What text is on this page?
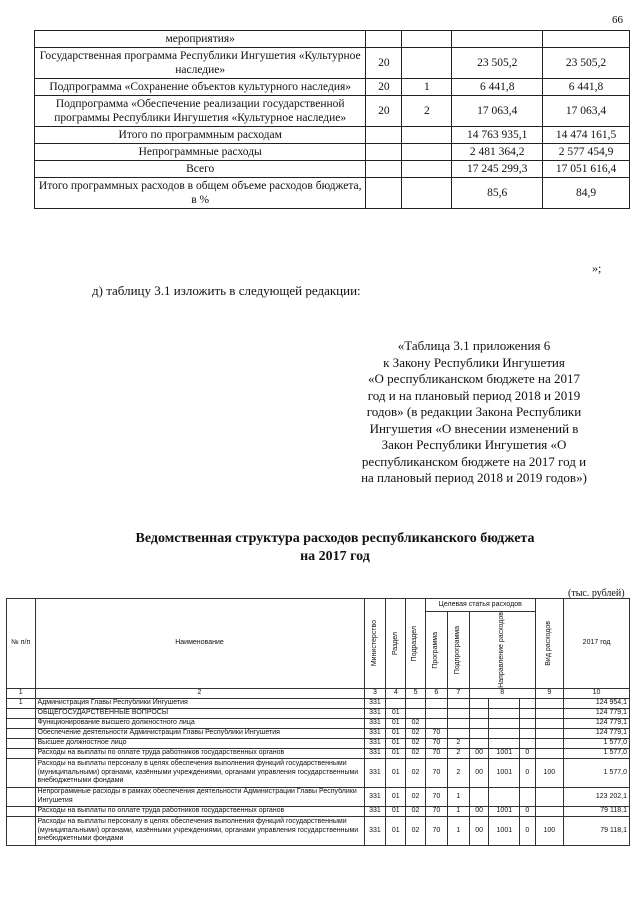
66
мероприятия»				
Государственная программа Республики Ингушетия «Культурное наследие»	20		23 505,2	23 505,2
Подпрограмма «Сохранение объектов культурного наследия»	20	1	6 441,8	6 441,8
Подпрограмма «Обеспечение реализации государственной программы Республики Ингушетия «Культурное наследие»	20	2	17 063,4	17 063,4
Итого по программным расходам			14 763 935,1	14 474 161,5
Непрограммные расходы			2 481 364,2	2 577 454,9
Всего			17 245 299,3	17 051 616,4
Итого программных расходов в общем объеме расходов бюджета, в %			85,6	84,9
»;
д) таблицу 3.1 изложить в следующей редакции:
«Таблица 3.1 приложения 6
к Закону Республики Ингушетия
«О республиканском бюджете на 2017
год и на плановый период 2018 и 2019
годов» (в редакции Закона Республики
Ингушетия «О внесении изменений в
Закон Республики Ингушетия «О
республиканском бюджете на 2017 год и
на плановый период 2018 и 2019 годов»)
Ведомственная структура расходов республиканского бюджета
на 2017 год
(тыс. рублей)
№ п/п	Наименование	Министерство	Раздел	Подраздел	Целевая статья расходов					Вид расходов	2017 год

					Программа	Подпрограмма	Направление расходов				

1	2	3	4	5	6	7	8			9	10
1	Администрация Главы Республики Ингушетия	331									124 954,1
	ОБЩЕГОСУДАРСТВЕННЫЕ ВОПРОСЫ	331	01								124 779,1
	Функционирование высшего должностного лица	331	01	02							124 779,1
	Обеспечение деятельности Администрации Главы Республики Ингушетия	331	01	02	70						124 779,1
	Высшее должностное лицо	331	01	02	70	2					1 577,0
	Расходы на выплаты по оплате труда работников государственных органов	331	01	02	70	2	00	1001	0		1 577,0
	Расходы на выплаты персоналу в целях обеспечения выполнения функций государственными (муниципальными) органами, казёнными учреждениями, органами управления государственными внебюджетными фондами	331	01	02	70	2	00	1001	0	100	1 577,0
	Непрограммные расходы в рамках обеспечения деятельности Администрации Главы Республики Ингушетия	331	01	02	70	1					123 202,1
	Расходы на выплаты по оплате труда работников государственных органов	331	01	02	70	1	00	1001	0		79 118,1
	Расходы на выплаты персоналу в целях обеспечения выполнения функций государственными (муниципальными) органами, казёнными учреждениями, органами управления государственными внебюджетными фондами	331	01	02	70	1	00	1001	0	100	79 118,1
